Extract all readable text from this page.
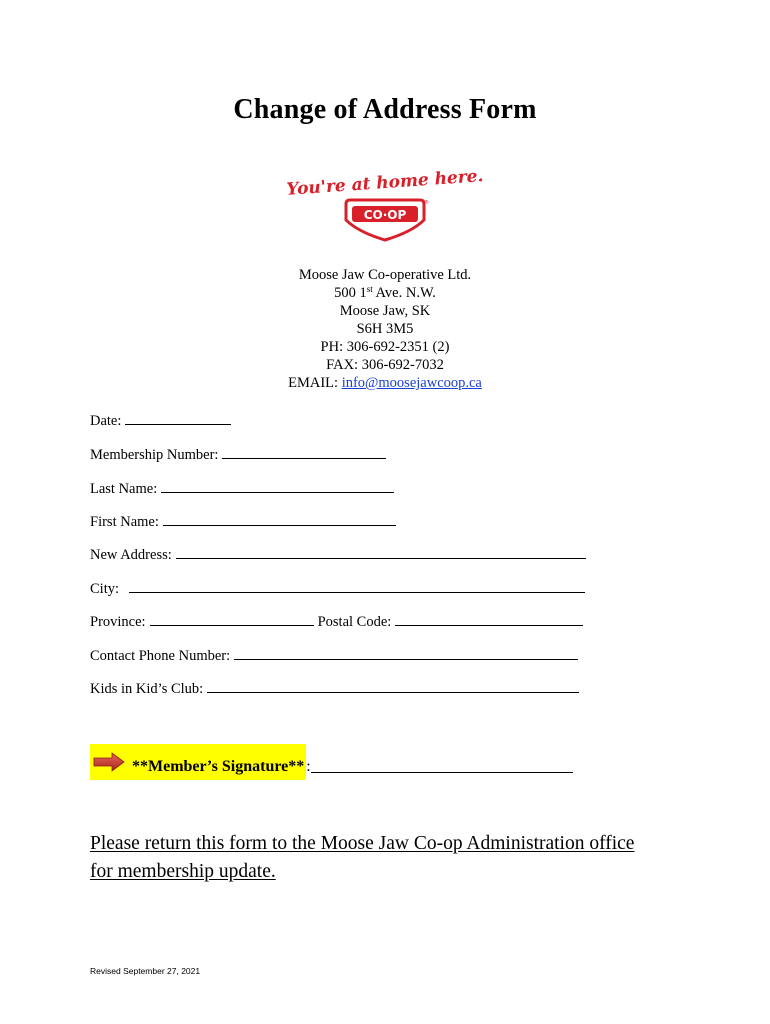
Change of Address Form
You're at home here.
CO·OP
®
Moose Jaw Co-operative Ltd.
500 1st Ave. N.W.
Moose Jaw, SK
S6H 3M5
PH: 306-692-2351 (2)
FAX: 306-692-7032
EMAIL: info@moosejawcoop.ca
Date:
Membership Number:
Last Name:
First Name:
New Address:
City:
Province:	Postal Code:
Contact Phone Number:
Kids in Kid’s Club:
**Member’s Signature** :
Please return this form to the Moose Jaw Co-op Administration office
for membership update.
Revised September 27, 2021
